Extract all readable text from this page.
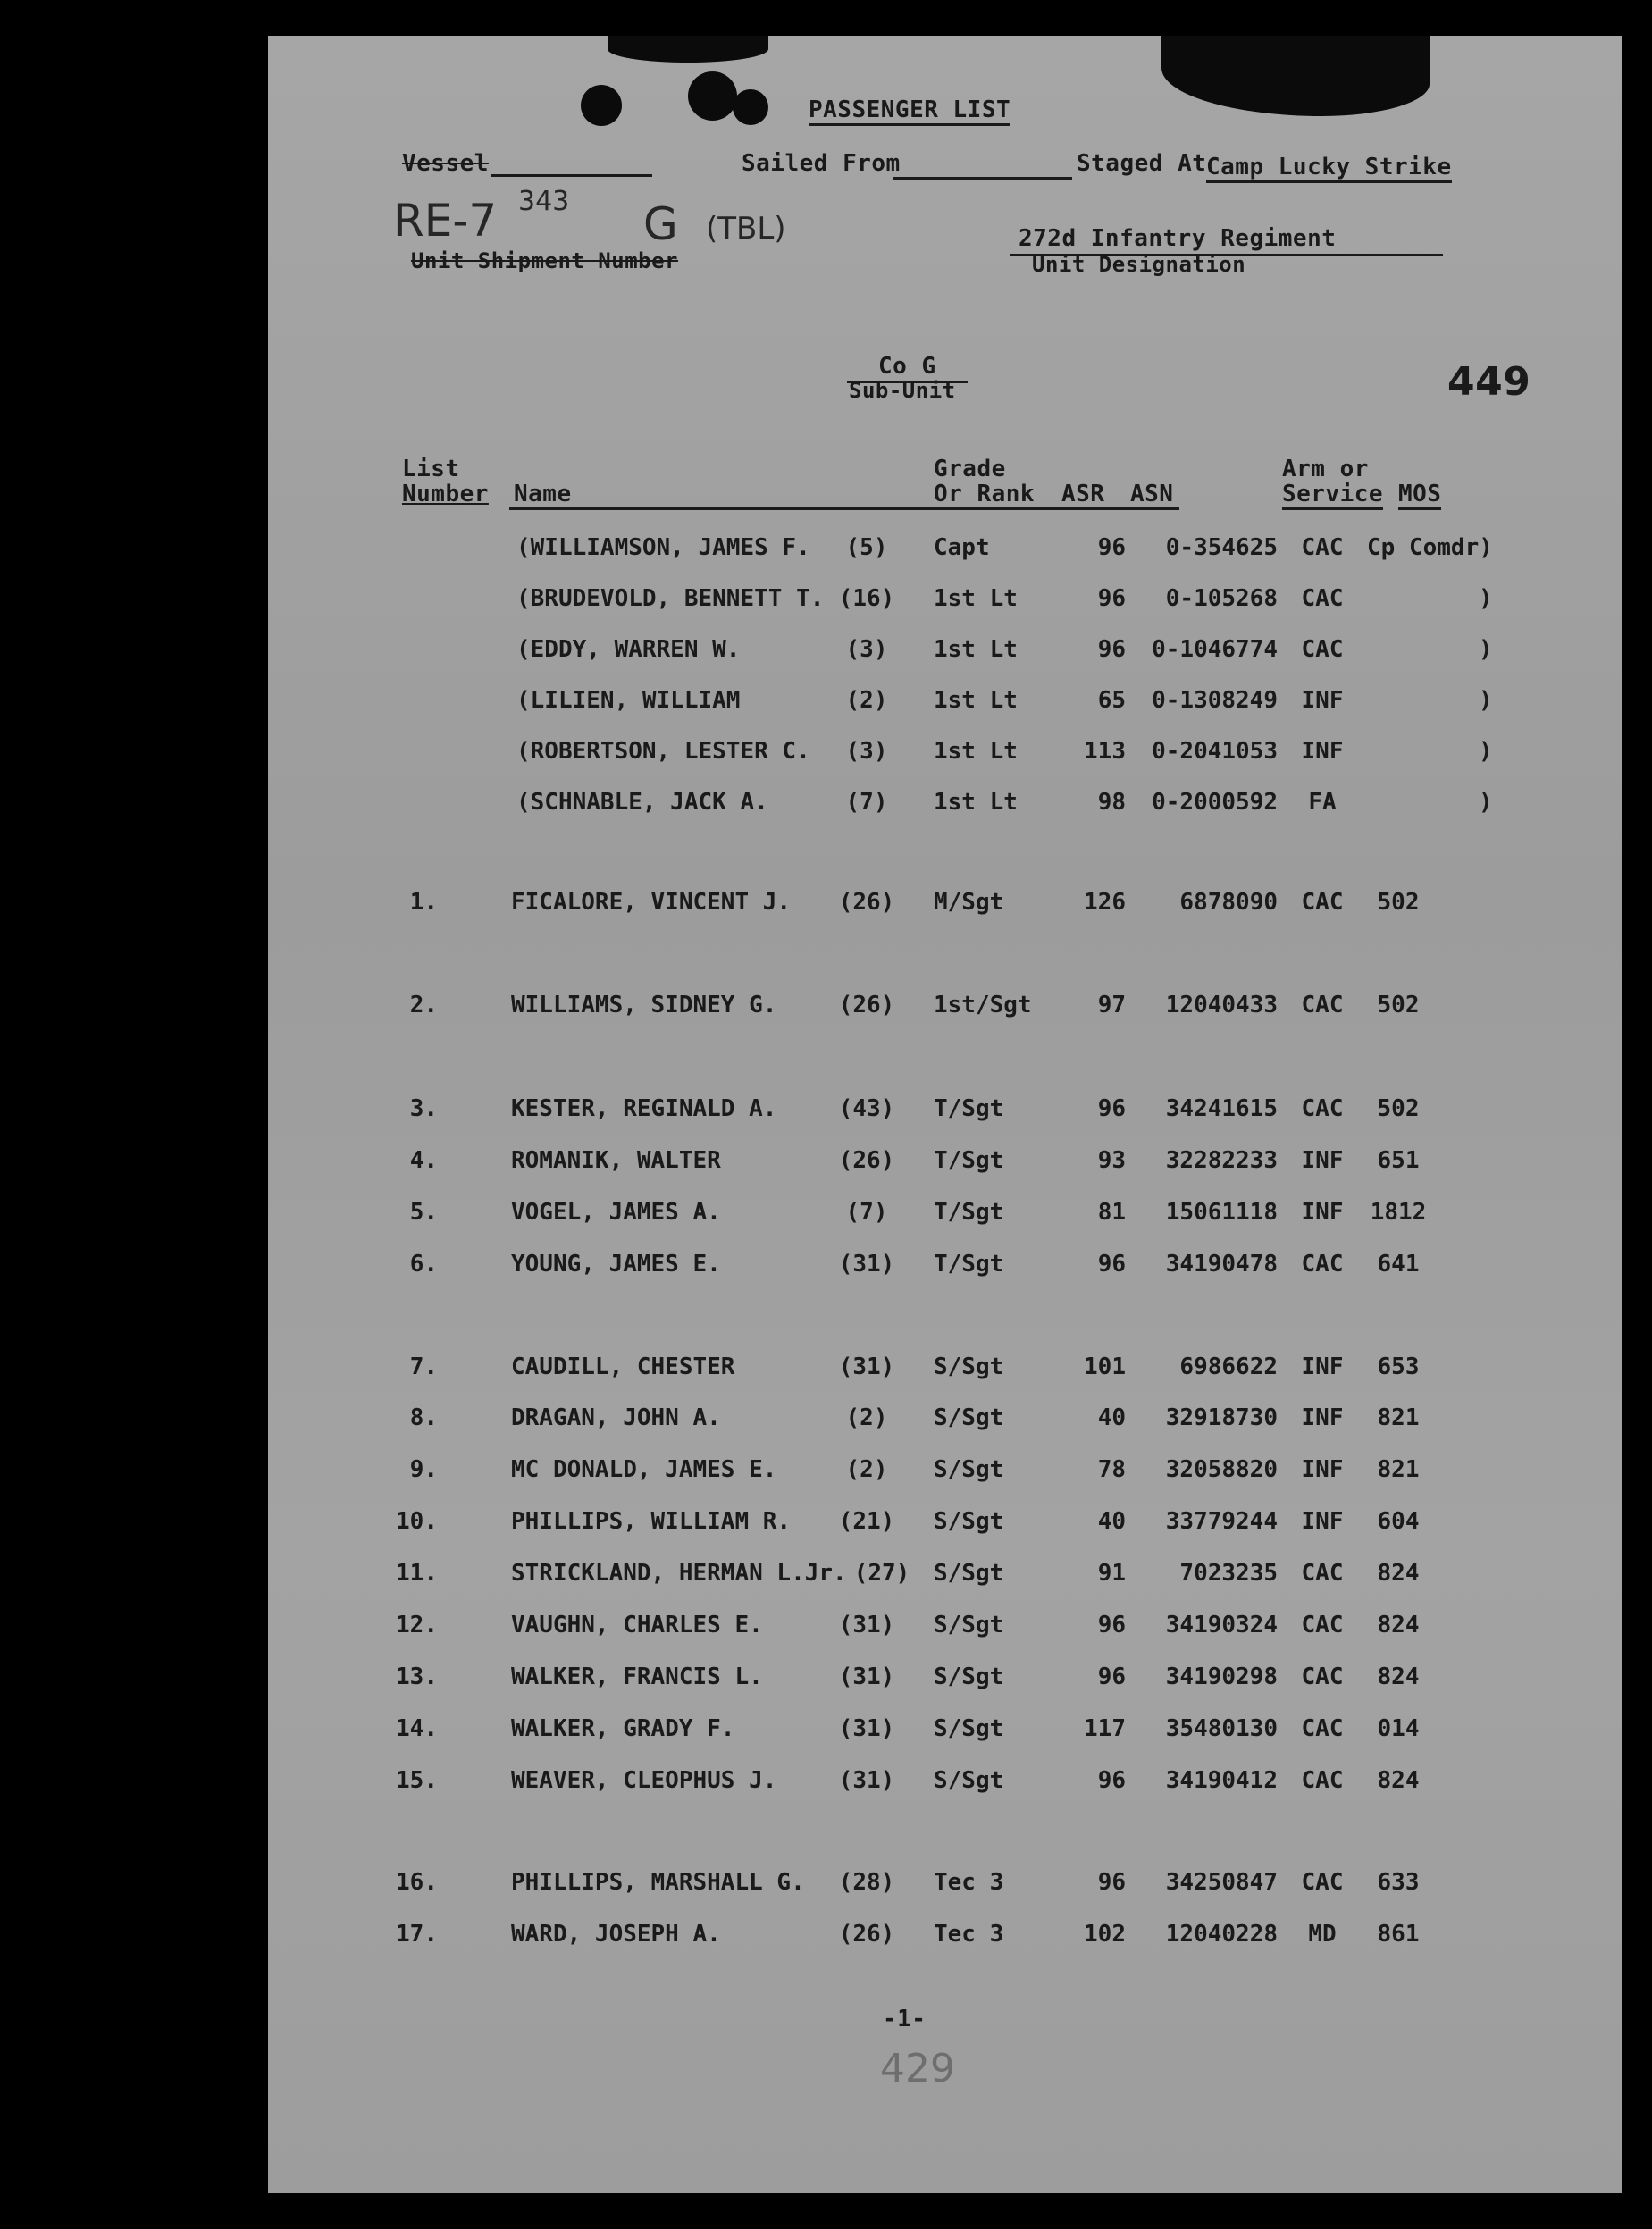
PASSENGER LIST
Vessel	Sailed From	Staged At Camp Lucky Strike
RE-7 343 G (TBL)
Unit Shipment Number
272d Infantry Regiment
Unit Designation
Co G
Sub-Unit	449
List
Number Name
Grade
Or Rank ASR ASN
Arm or
Service MOS
(WILLIAMSON, JAMES F.	(5)	Capt	96	0-354625 CAC Cp Comdr)
(BRUDEVOLD, BENNETT T. (16) 1st Lt	96	0-105268 CAC	)
(EDDY, WARREN W.	(3)	1st Lt	96	0-1046774 CAC	)
(LILIEN, WILLIAM	(2)	1st Lt	65	0-1308249 INF	)
(ROBERTSON, LESTER C.	(3)	1st Lt	113	0-2041053 INF	)
(SCHNABLE, JACK A.	(7)	1st Lt	98	0-2000592	FA	)
1.	FICALORE, VINCENT J. (26) M/Sgt	126	6878090 CAC	502
2.	WILLIAMS, SIDNEY G.	(26) 1st/Sgt	97	12040433 CAC	502
3.	KESTER, REGINALD A.	(43) T/Sgt	96	34241615 CAC	502
4.	ROMANIK, WALTER	(26) T/Sgt	93	32282233 INF	651
5.	VOGEL, JAMES A.	(7)	T/Sgt	81	15061118 INF	1812
6.	YOUNG, JAMES E.	(31) T/Sgt	96	34190478 CAC	641
7.	CAUDILL, CHESTER	(31) S/Sgt	101	6986622 INF	653
8.	DRAGAN, JOHN A.	(2)	S/Sgt	40	32918730 INF	821
9.	MC DONALD, JAMES E.	(2)	S/Sgt	78	32058820 INF	821
10.	PHILLIPS, WILLIAM R. (21) S/Sgt	40	33779244 INF	604
11.	STRICKLAND, HERMAN L.Jr. (27) S/Sgt	91	7023235 CAC	824
12.	VAUGHN, CHARLES E.	(31) S/Sgt	96	34190324 CAC	824
13.	WALKER, FRANCIS L.	(31) S/Sgt	96	34190298 CAC	824
14.	WALKER, GRADY F.	(31) S/Sgt	117	35480130 CAC	014
15.	WEAVER, CLEOPHUS J.	(31) S/Sgt	96	34190412 CAC	824
16.	PHILLIPS, MARSHALL G. (28) Tec 3	96	34250847 CAC	633
17.	WARD, JOSEPH A.	(26) Tec 3	102	12040228	MD	861
-1-
429
